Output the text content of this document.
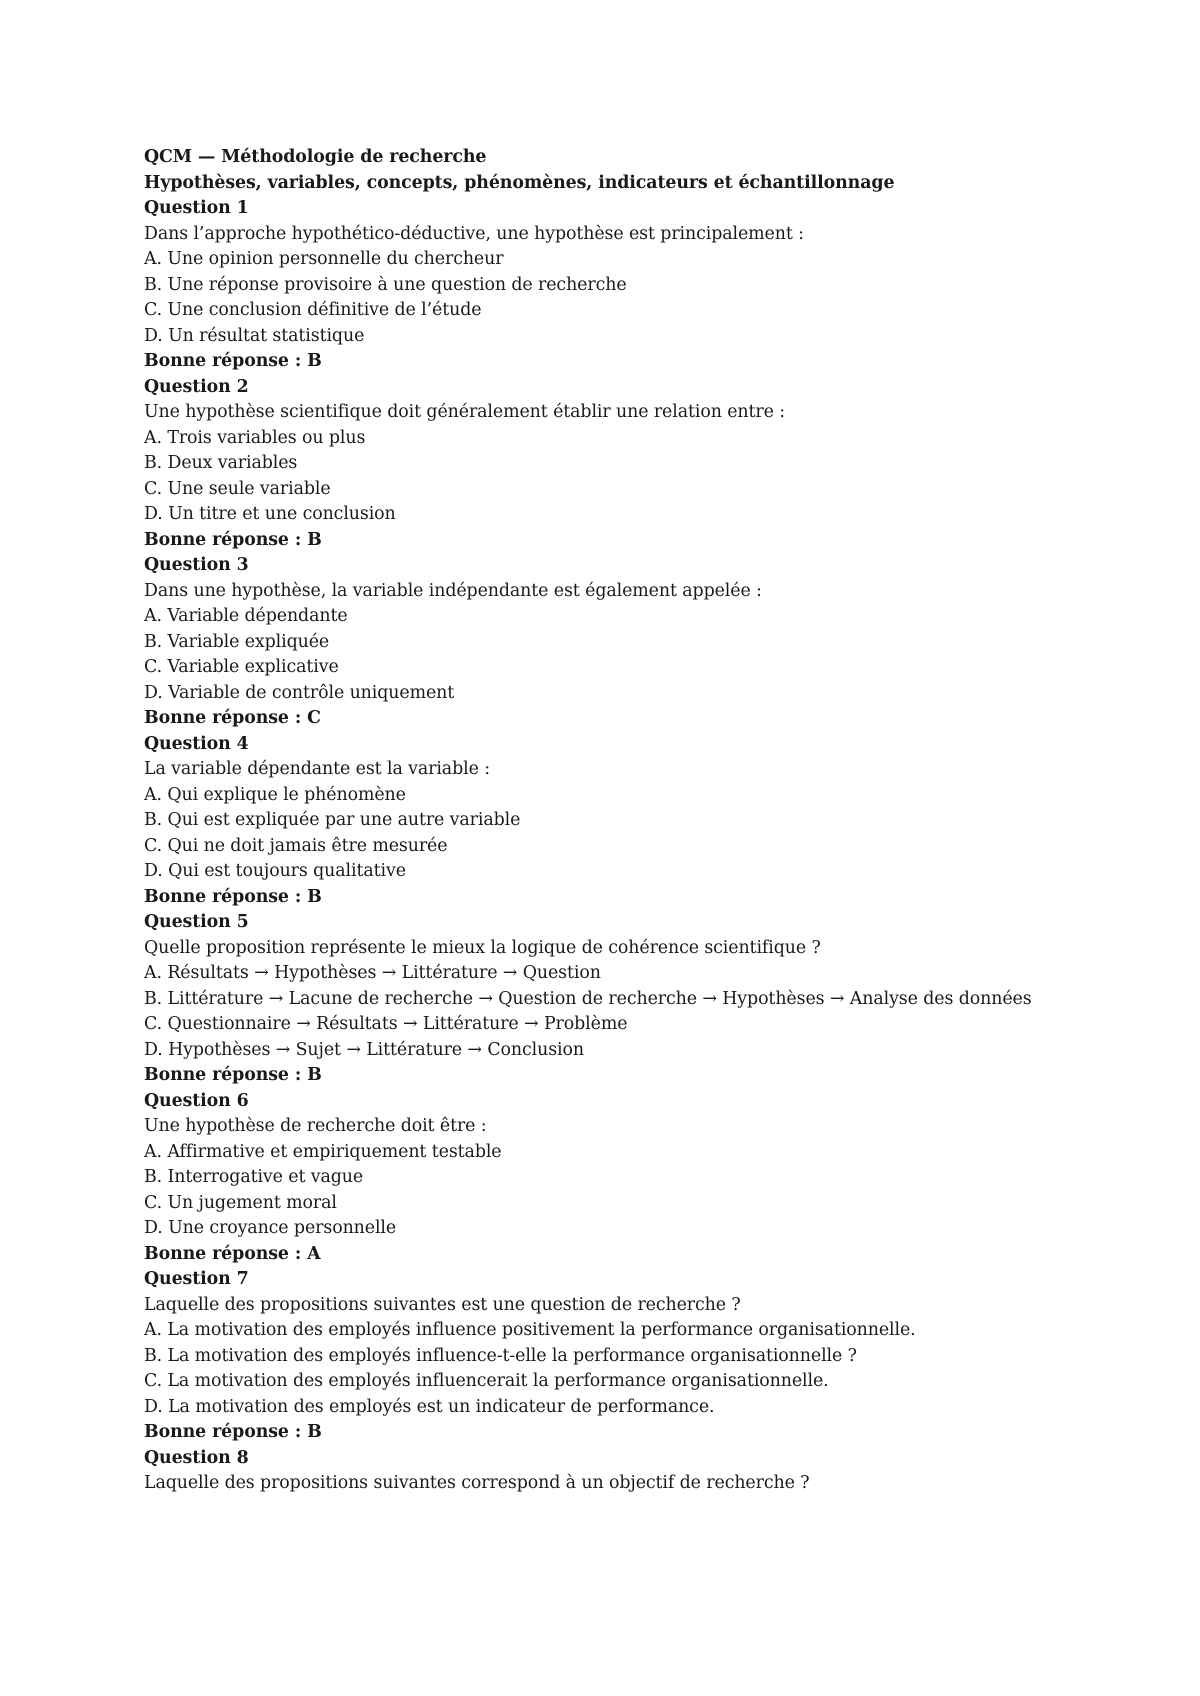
QCM — Méthodologie de recherche

Hypothèses, variables, concepts, phénomènes, indicateurs et échantillonnage

Question 1

Dans l’approche hypothético-déductive, une hypothèse est principalement :

A. Une opinion personnelle du chercheur

B. Une réponse provisoire à une question de recherche

C. Une conclusion définitive de l’étude

D. Un résultat statistique

Bonne réponse : B

Question 2

Une hypothèse scientifique doit généralement établir une relation entre :

A. Trois variables ou plus

B. Deux variables

C. Une seule variable

D. Un titre et une conclusion

Bonne réponse : B

Question 3

Dans une hypothèse, la variable indépendante est également appelée :

A. Variable dépendante

B. Variable expliquée

C. Variable explicative

D. Variable de contrôle uniquement

Bonne réponse : C

Question 4

La variable dépendante est la variable :

A. Qui explique le phénomène

B. Qui est expliquée par une autre variable

C. Qui ne doit jamais être mesurée

D. Qui est toujours qualitative

Bonne réponse : B

Question 5

Quelle proposition représente le mieux la logique de cohérence scientifique ?

A. Résultats → Hypothèses → Littérature → Question

B. Littérature → Lacune de recherche → Question de recherche → Hypothèses → Analyse des données

C. Questionnaire → Résultats → Littérature → Problème

D. Hypothèses → Sujet → Littérature → Conclusion

Bonne réponse : B

Question 6

Une hypothèse de recherche doit être :

A. Affirmative et empiriquement testable

B. Interrogative et vague

C. Un jugement moral

D. Une croyance personnelle

Bonne réponse : A

Question 7

Laquelle des propositions suivantes est une question de recherche ?

A. La motivation des employés influence positivement la performance organisationnelle.

B. La motivation des employés influence-t-elle la performance organisationnelle ?

C. La motivation des employés influencerait la performance organisationnelle.

D. La motivation des employés est un indicateur de performance.

Bonne réponse : B

Question 8

Laquelle des propositions suivantes correspond à un objectif de recherche ?
